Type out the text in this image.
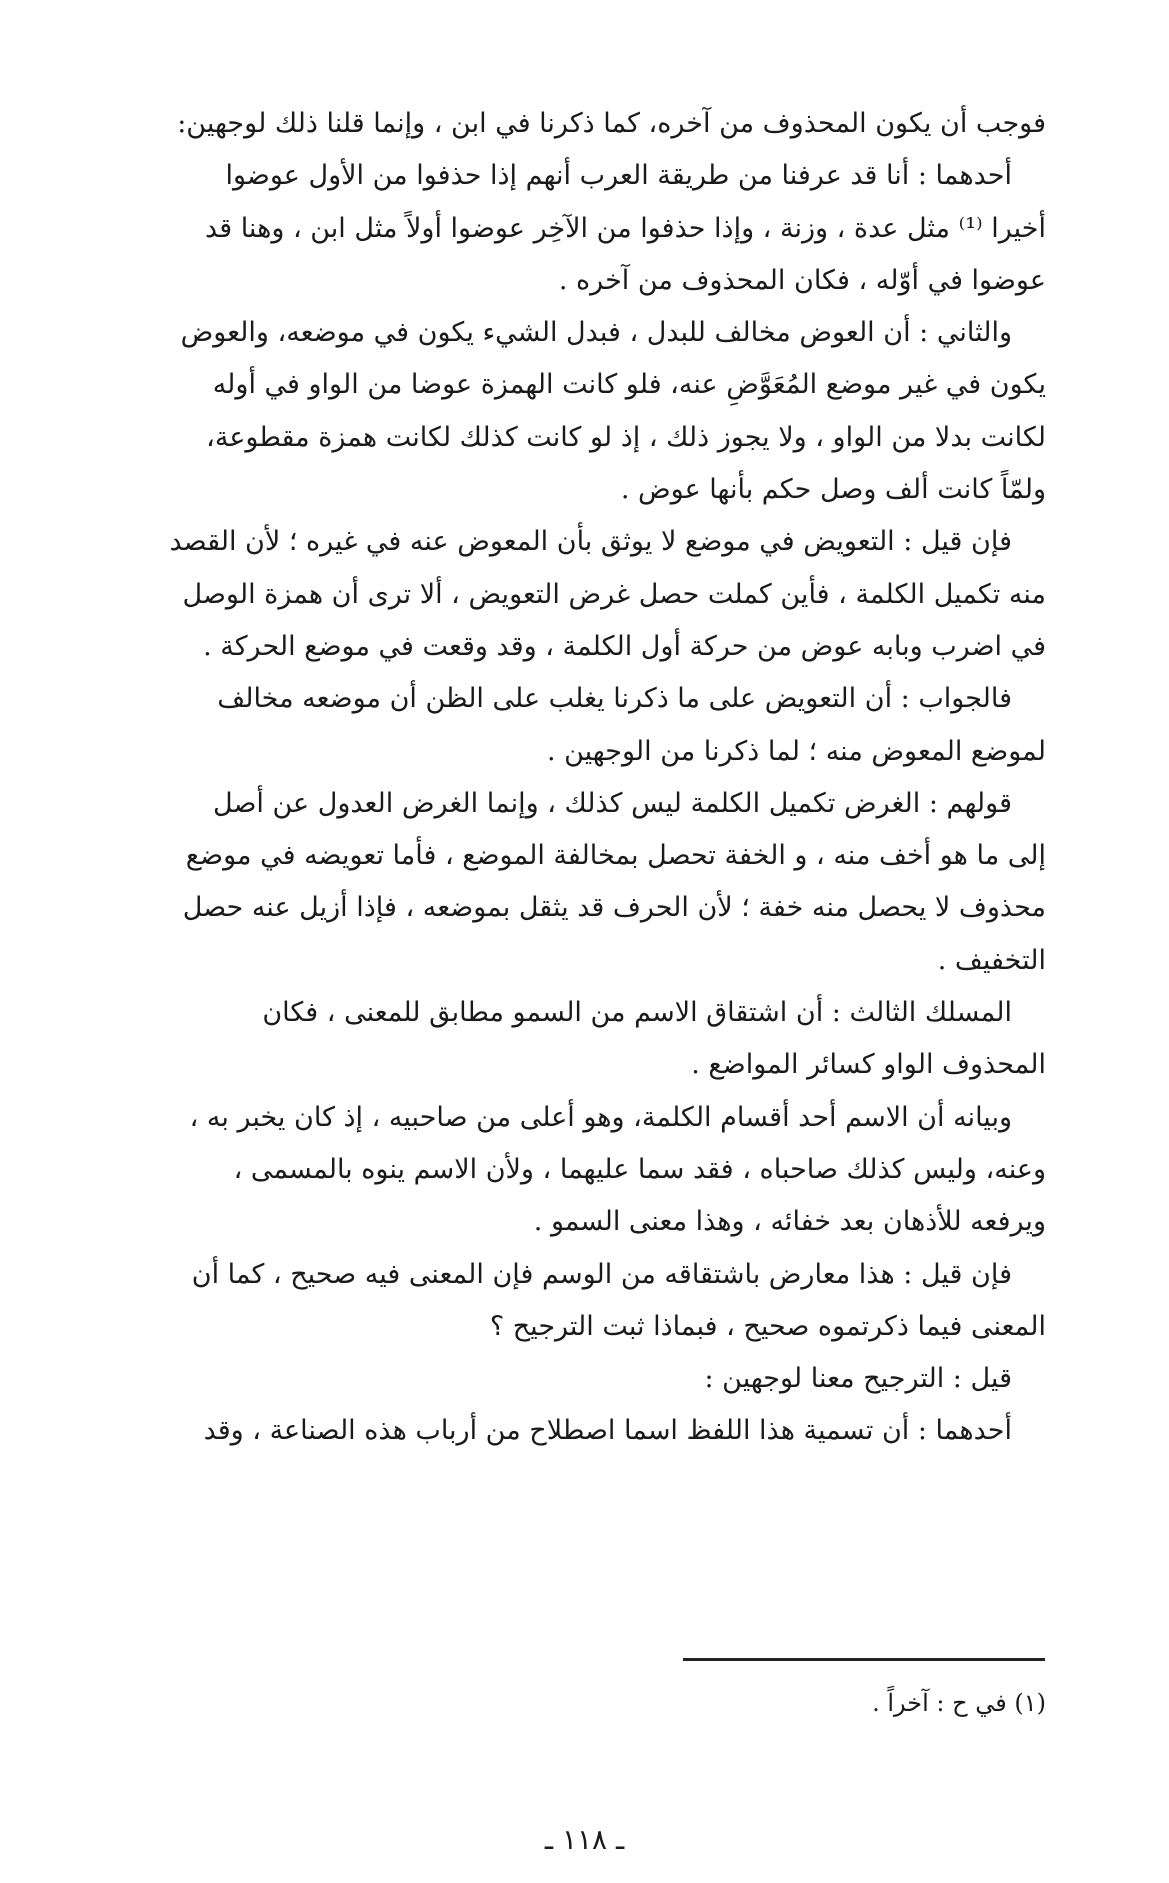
فوجب أن يكون المحذوف من آخره، كما ذكرنا في ابن ، وإنما قلنا ذلك لوجهين:
أحدهما : أنا قد عرفنا من طريقة العرب أنهم إذا حذفوا من الأول عوضوا
أخيرا ⁽¹⁾ مثل عدة ، وزنة ، وإذا حذفوا من الآخِر عوضوا أولاً مثل ابن ، وهنا قد
عوضوا في أوّله ، فكان المحذوف من آخره .
والثاني : أن العوض مخالف للبدل ، فبدل الشيء يكون في موضعه، والعوض
يكون في غير موضع المُعَوَّضِ عنه، فلو كانت الهمزة عوضا من الواو في أوله
لكانت بدلا من الواو ، ولا يجوز ذلك ، إذ لو كانت كذلك لكانت همزة مقطوعة،
ولمّاً كانت ألف وصل حكم بأنها عوض .
فإن قيل : التعويض في موضع لا يوثق بأن المعوض عنه في غيره ؛ لأن القصد
منه تكميل الكلمة ، فأين كملت حصل غرض التعويض ، ألا ترى أن همزة الوصل
في اضرب وبابه عوض من حركة أول الكلمة ، وقد وقعت في موضع الحركة .
فالجواب : أن التعويض على ما ذكرنا يغلب على الظن أن موضعه مخالف
لموضع المعوض منه ؛ لما ذكرنا من الوجهين .
قولهم : الغرض تكميل الكلمة ليس كذلك ، وإنما الغرض العدول عن أصل
إلى ما هو أخف منه ، و الخفة تحصل بمخالفة الموضع ، فأما تعويضه في موضع
محذوف لا يحصل منه خفة ؛ لأن الحرف قد يثقل بموضعه ، فإذا أزيل عنه حصل
التخفيف .
المسلك الثالث : أن اشتقاق الاسم من السمو مطابق للمعنى ، فكان
المحذوف الواو كسائر المواضع .
وبيانه أن الاسم أحد أقسام الكلمة، وهو أعلى من صاحبيه ، إذ كان يخبر به ،
وعنه، وليس كذلك صاحباه ، فقد سما عليهما ، ولأن الاسم ينوه بالمسمى ،
ويرفعه للأذهان بعد خفائه ، وهذا معنى السمو .
فإن قيل : هذا معارض باشتقاقه من الوسم فإن المعنى فيه صحيح ، كما أن
المعنى فيما ذكرتموه صحيح ، فبماذا ثبت الترجيح ؟
قيل : الترجيح معنا لوجهين :
أحدهما : أن تسمية هذا اللفظ اسما اصطلاح من أرباب هذه الصناعة ، وقد
(١) في ح : آخراً .
ـ ١١٨ ـ
